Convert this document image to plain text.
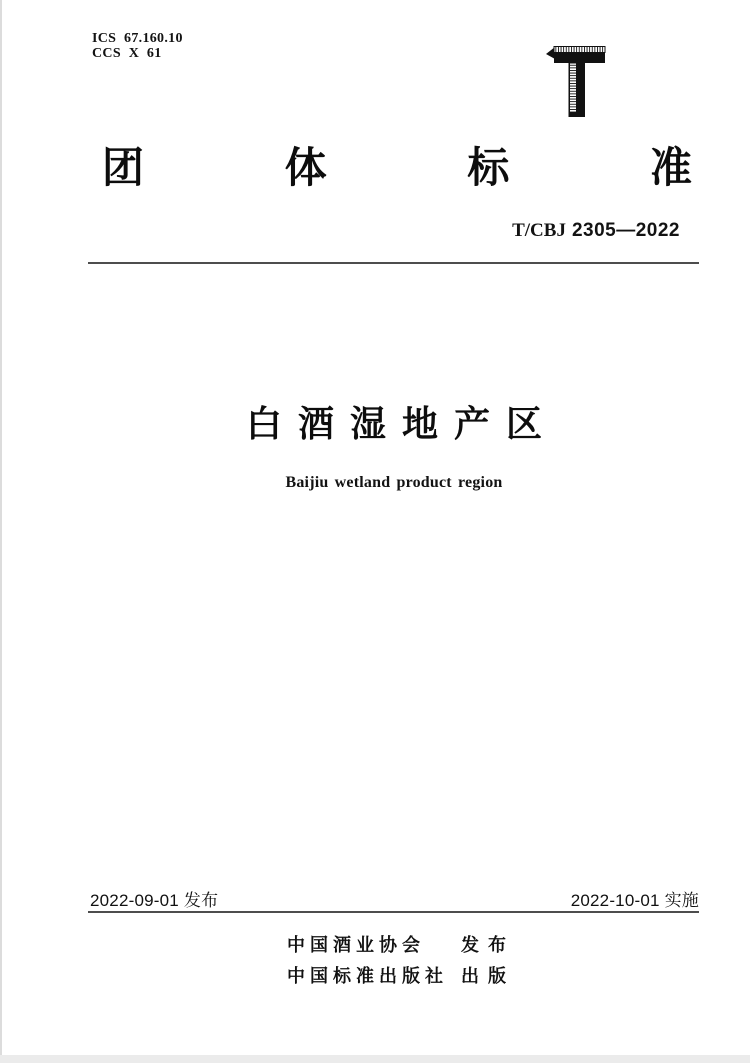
ICS 67.160.10
CCS X 61
团	体	标	准
T/CBJ 2305—2022
白酒湿地产区
Baijiu wetland product region
2022-09-01 发布	2022-10-01 实施
中国酒业协会 发布
中国标准出版社 出版
